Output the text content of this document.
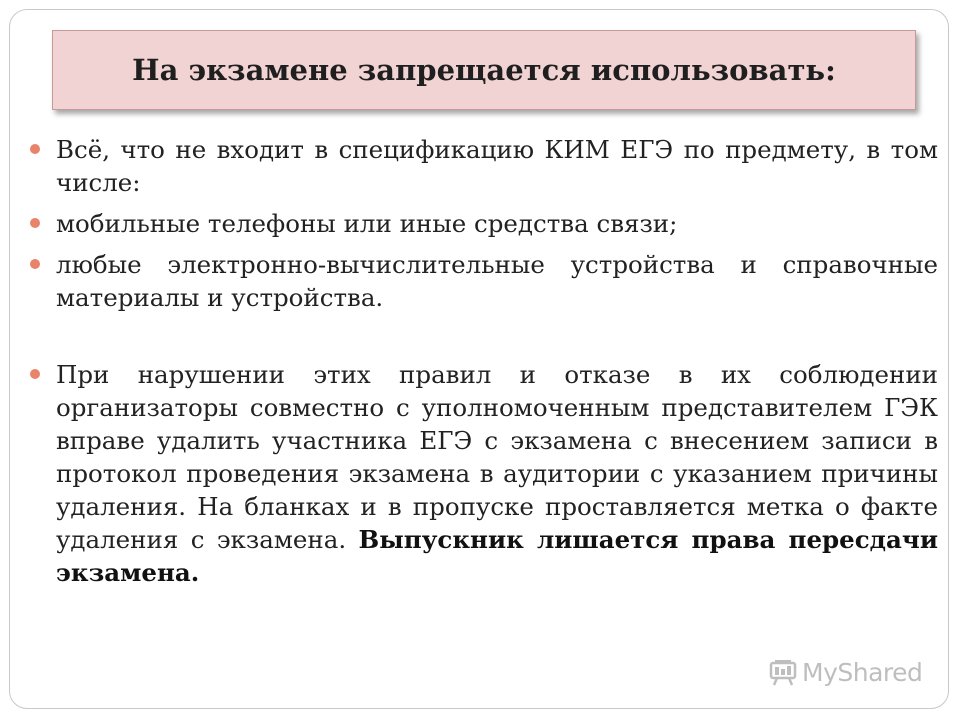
На экзамене запрещается использовать:
Всё, что не входит в спецификацию КИМ ЕГЭ по предмету, в том числе:
мобильные телефоны или иные средства связи;
любые электронно-вычислительные устройства и справочные материалы и устройства.
При нарушении этих правил и отказе в их соблюдении организаторы совместно с уполномоченным представителем ГЭК вправе удалить участника ЕГЭ с экзамена с внесением записи в протокол проведения экзамена в аудитории с указанием причины удаления. На бланках и в пропуске проставляется метка о факте удаления с экзамена. Выпускник лишается права пересдачи экзамена.
MyShared
